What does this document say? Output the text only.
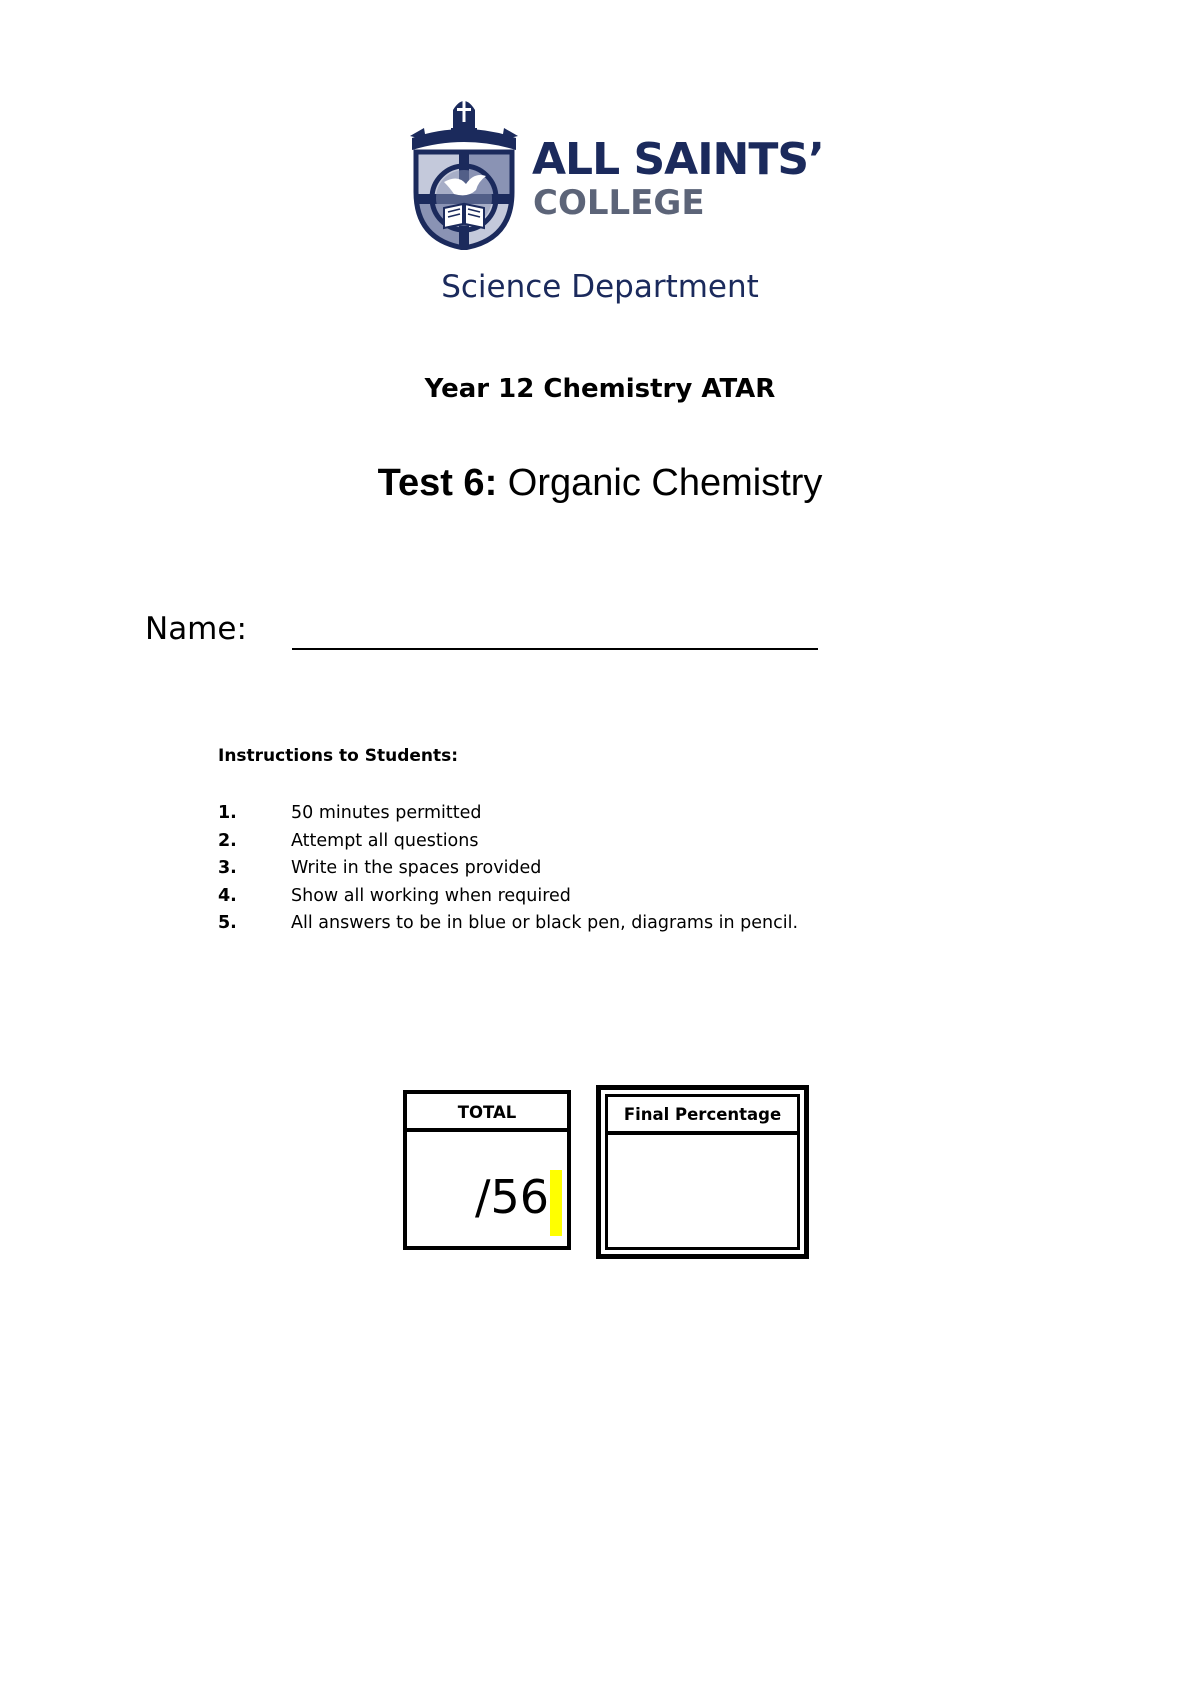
ALL SAINTS’
COLLEGE
Science Department
Year 12 Chemistry ATAR
Test 6: Organic Chemistry
Name:
Instructions to Students:
1.	50 minutes permitted
2.	Attempt all questions
3.	Write in the spaces provided
4.	Show all working when required
5.	All answers to be in blue or black pen, diagrams in pencil.
TOTAL
/56
Final Percentage
